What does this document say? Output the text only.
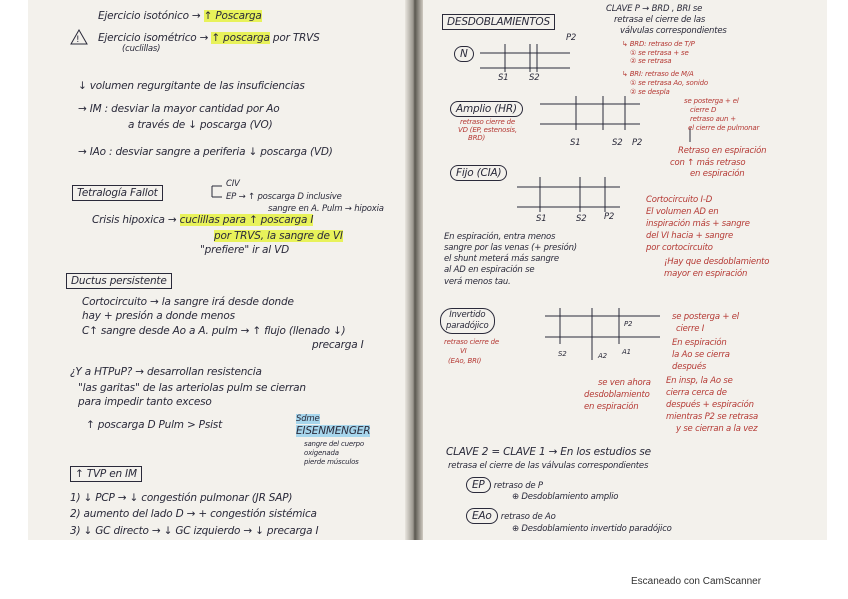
!
Ejercicio isotónico → ↑ Poscarga
Ejercicio isométrico → ↑ poscarga por TRVS
(cuclillas)
↓ volumen regurgitante de las insuficiencias
→ IM : desviar la mayor cantidad por Ao
a través de ↓ poscarga (VO)
→ IAo : desviar sangre a periferia ↓ poscarga (VD)
Tetralogía Fallot
CIV
EP → ↑ poscarga D inclusive
sangre en A. Pulm → hipoxia
Crisis hipoxica → cuclillas para ↑ poscarga I
por TRVS, la sangre de VI
"prefiere" ir al VD
Ductus persistente
Cortocircuito → la sangre irá desde donde
hay + presión a donde menos
C↑ sangre desde Ao a A. pulm → ↑ flujo (llenado ↓)
precarga I
¿Y a HTPuP? → desarrollan resistencia
"las garitas" de las arteriolas pulm se cierran
para impedir tanto exceso
↑ poscarga D Pulm > Psist	Sdme
EISENMENGER
sangre del cuerpo
oxigenada
pierde músculos
↑ TVP en IM
1) ↓ PCP → ↓ congestión pulmonar (JR SAP)
2) aumento del lado D → + congestión sistémica
3) ↓ GC directo → ↓ GC izquierdo → ↓ precarga I
DESDOBLAMIENTOS
CLAVE P → BRD , BRI se
retrasa el cierre de las
válvulas correspondientes
↳ BRD: retraso de T/P
① se retrasa + se
② se retrasa
↳ BRI: retraso de M/A
① se retrasa Ao, sonido
② se despla
N
S1 S2
P2
Amplio (HR)
retraso cierre de
VD (EP, estenosis,
BRD)	S1	S2 P2
se posterga + el
cierre D
retraso aun +
el cierre de pulmonar
Retraso en espiración
con ↑ más retraso
en espiración
Fijo (CIA)
S1	S2 P2
Cortocircuito I-D
El volumen AD en
inspiración más + sangre
del VI hacia + sangre
por cortocircuito
¡Hay que desdoblamiento
mayor en espiración
En espiración, entra menos
sangre por las venas (+ presión)
el shunt meterá más sangre
al AD en espiración se
verá menos tau.
Invertido
paradójico
retraso cierre de
VI
(EAo, BRI)
P2
A2 A1
S2
se posterga + el
cierre I
En espiración
la Ao se cierra
después
se ven ahora
desdoblamiento
en espiración
En insp, la Ao se
cierra cerca de
después + espiración
mientras P2 se retrasa
y se cierran a la vez
CLAVE 2 = CLAVE 1 → En los estudios se
retrasa el cierre de las válvulas correspondientes
EP retraso de P
⊕ Desdoblamiento amplio
EAo retraso de Ao
⊕ Desdoblamiento invertido paradójico
Escaneado con CamScanner
